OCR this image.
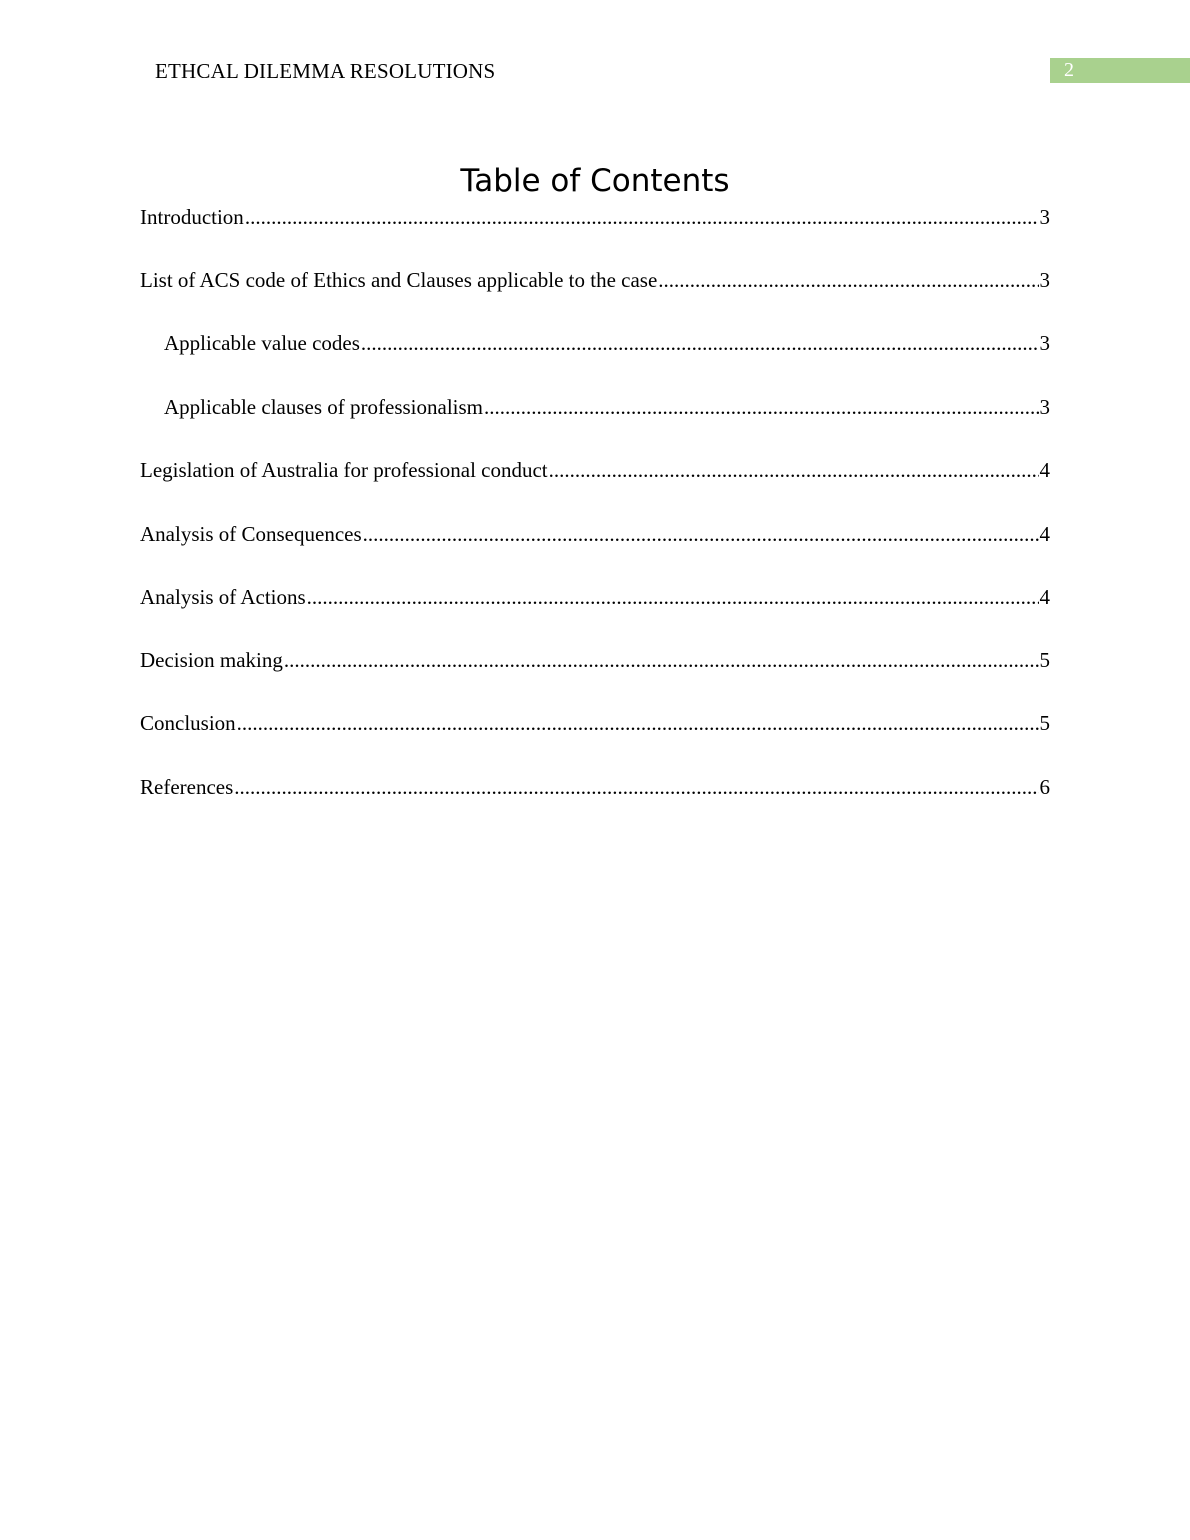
ETHCAL DILEMMA RESOLUTIONS	2
Table of Contents
Introduction .....	3
List of ACS code of Ethics and Clauses applicable to the case .....	3
Applicable value codes .....	3
Applicable clauses of professionalism .....	3
Legislation of Australia for professional conduct .....	4
Analysis of Consequences .....	4
Analysis of Actions .....	4
Decision making .....	5
Conclusion .....	5
References .....	6
